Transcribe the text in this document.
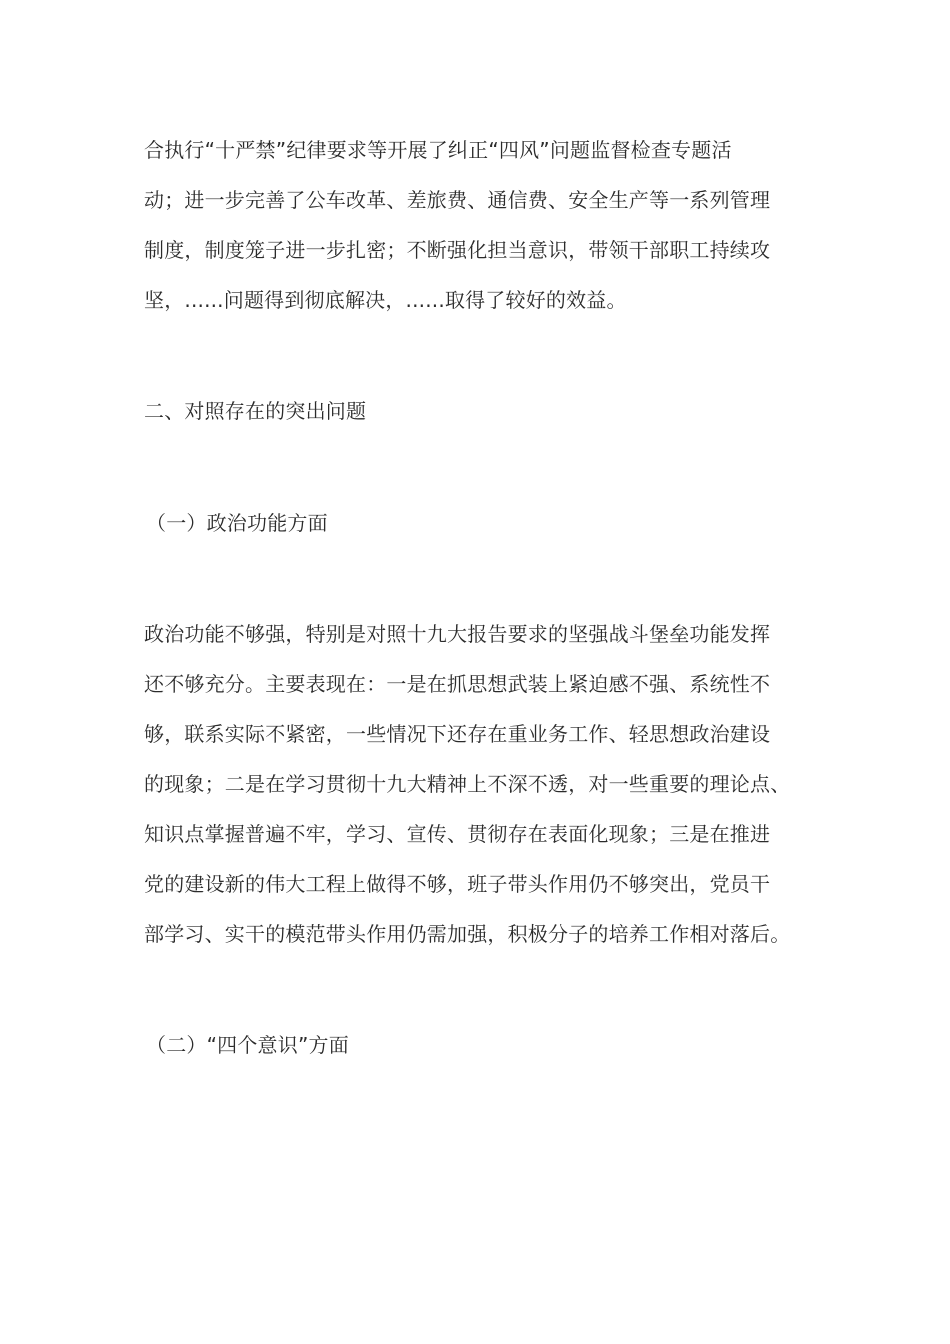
合执行“十严禁”纪律要求等开展了纠正“四风”问题监督检查专题活
动；进一步完善了公车改革、差旅费、通信费、安全生产等一系列管理
制度，制度笼子进一步扎密；不断强化担当意识，带领干部职工持续攻
坚，......问题得到彻底解决，......取得了较好的效益。
二、对照存在的突出问题
（一）政治功能方面
政治功能不够强，特别是对照十九大报告要求的坚强战斗堡垒功能发挥
还不够充分。主要表现在：一是在抓思想武装上紧迫感不强、系统性不
够，联系实际不紧密，一些情况下还存在重业务工作、轻思想政治建设
的现象；二是在学习贯彻十九大精神上不深不透，对一些重要的理论点、
知识点掌握普遍不牢，学习、宣传、贯彻存在表面化现象；三是在推进
党的建设新的伟大工程上做得不够，班子带头作用仍不够突出，党员干
部学习、实干的模范带头作用仍需加强，积极分子的培养工作相对落后。
（二）“四个意识”方面
